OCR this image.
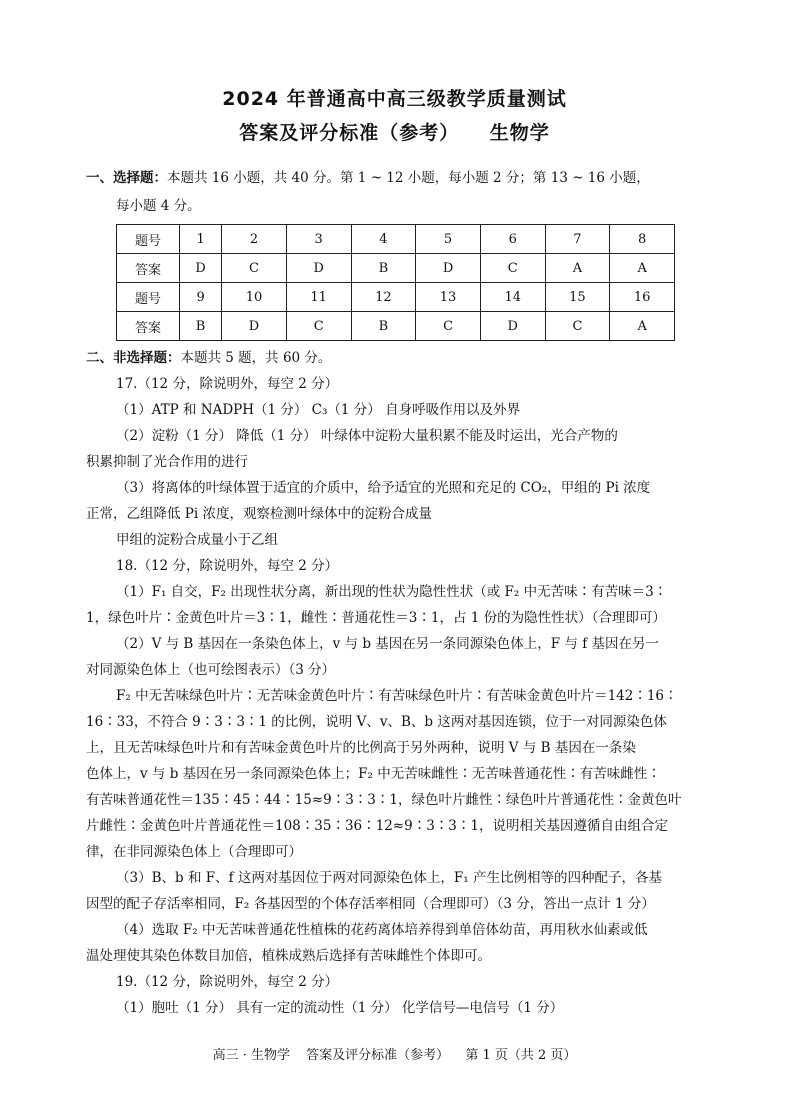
2024 年普通高中高三级教学质量测试
答案及评分标准（参考）    生物学
一、选择题：本题共 16 小题，共 40 分。第 1 ~ 12 小题，每小题 2 分；第 13 ~ 16 小题，
每小题 4 分。
题号	1	2	3	4	5	6	7	8
答案	D	C	D	B	D	C	A	A
题号	9	10	11	12	13	14	15	16
答案	B	D	C	B	C	D	C	A
二、非选择题：本题共 5 题，共 60 分。
17.（12 分，除说明外，每空 2 分）
（1）ATP 和 NADPH（1 分） C₃（1 分） 自身呼吸作用以及外界
（2）淀粉（1 分） 降低（1 分） 叶绿体中淀粉大量积累不能及时运出，光合产物的
积累抑制了光合作用的进行
（3）将离体的叶绿体置于适宜的介质中，给予适宜的光照和充足的 CO₂，甲组的 Pi 浓度
正常，乙组降低 Pi 浓度，观察检测叶绿体中的淀粉合成量
甲组的淀粉合成量小于乙组
18.（12 分，除说明外，每空 2 分）
（1）F₁ 自交，F₂ 出现性状分离，新出现的性状为隐性性状（或 F₂ 中无苦味∶有苦味＝3∶
1，绿色叶片∶金黄色叶片＝3∶1，雌性∶普通花性＝3∶1，占 1 份的为隐性性状）（合理即可）
（2）V 与 B 基因在一条染色体上，v 与 b 基因在另一条同源染色体上，F 与 f 基因在另一
对同源染色体上（也可绘图表示）（3 分）
F₂ 中无苦味绿色叶片∶无苦味金黄色叶片∶有苦味绿色叶片∶有苦味金黄色叶片＝142∶16∶
16∶33，不符合 9∶3∶3∶1 的比例，说明 V、v、B、b 这两对基因连锁，位于一对同源染色体
上，且无苦味绿色叶片和有苦味金黄色叶片的比例高于另外两种，说明 V 与 B 基因在一条染
色体上，v 与 b 基因在另一条同源染色体上；F₂ 中无苦味雌性∶无苦味普通花性∶有苦味雌性∶
有苦味普通花性＝135∶45∶44∶15≈9∶3∶3∶1，绿色叶片雌性∶绿色叶片普通花性∶金黄色叶
片雌性∶金黄色叶片普通花性＝108∶35∶36∶12≈9∶3∶3∶1，说明相关基因遵循自由组合定
律，在非同源染色体上（合理即可）
（3）B、b 和 F、f 这两对基因位于两对同源染色体上，F₁ 产生比例相等的四种配子，各基
因型的配子存活率相同，F₂ 各基因型的个体存活率相同（合理即可）（3 分，答出一点计 1 分）
（4）选取 F₂ 中无苦味普通花性植株的花药离体培养得到单倍体幼苗，再用秋水仙素或低
温处理使其染色体数目加倍，植株成熟后选择有苦味雌性个体即可。
19.（12 分，除说明外，每空 2 分）
（1）胞吐（1 分） 具有一定的流动性（1 分） 化学信号—电信号（1 分）
高三 · 生物学 答案及评分标准（参考） 第 1 页（共 2 页）
